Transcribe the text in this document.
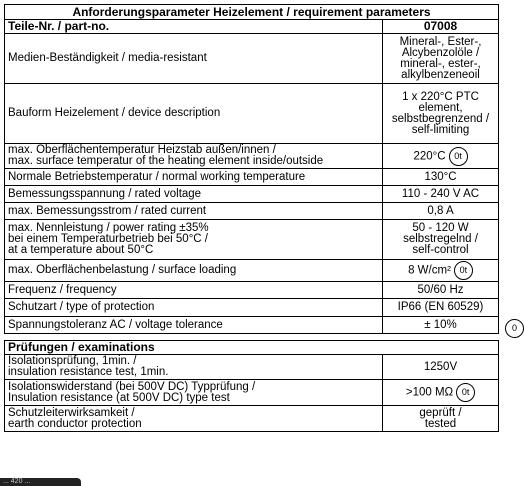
Anforderungsparameter Heizelement / requirement parameters	
Teile-Nr. / part-no.	07008
Medien-Beständigkeit / media-resistant	Mineral-, Ester-,
Alcybenzolöle /
mineral-, ester-,
alkylbenzeneoil
Bauform Heizelement / device description	1 x 220°C PTC
element,
selbstbegrenzend /
self-limiting
max. Oberflächentemperatur Heizstab außen/innen /
max. surface temperatur of the heating element inside/outside	220°C 0t
Normale Betriebstemperatur / normal working temperature	130°C
Bemessungsspannung / rated voltage	110 - 240 V AC
max. Bemessungsstrom / rated current	0,8 A
max. Nennleistung / power rating ±35%
bei einem Temperaturbetrieb bei 50°C /
at a temperature about 50°C	50 - 120 W
selbstregelnd /
self-control
max. Oberflächenbelastung / surface loading	8 W/cm² 0t
Frequenz / frequency	50/60 Hz
Schutzart / type of protection	IP66 (EN 60529)
Spannungstoleranz AC / voltage tolerance	± 10%

Prüfungen / examinations	
Isolationsprüfung, 1min. /
insulation resistance test, 1min.	1250V
Isolationswiderstand (bei 500V DC) Typprüfung /
Insulation resistance (at 500V DC) type test	>100 MΩ 0t
Schutzleiterwirksamkeit /
earth conductor protection	geprüft /
tested
0
... 420 ...
